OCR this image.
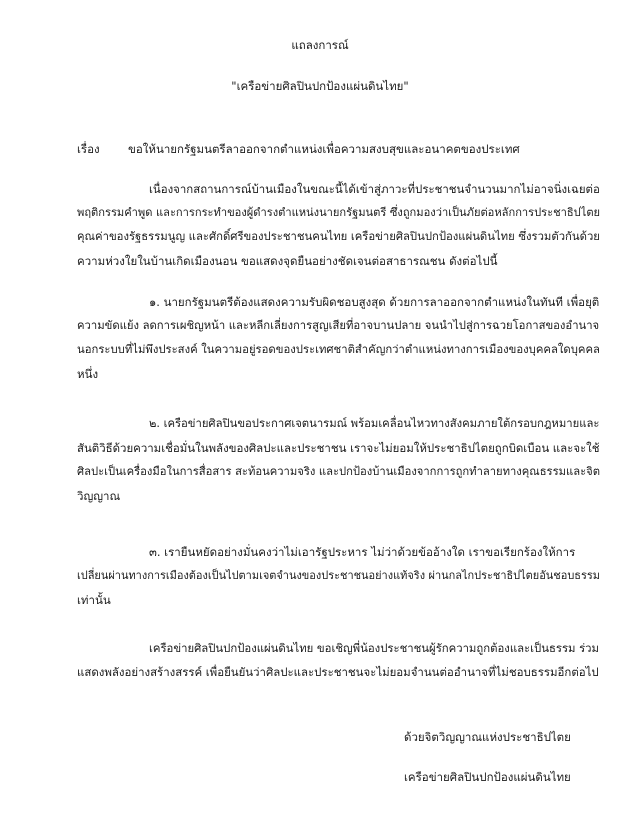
แถลงการณ์
"เครือข่ายศิลปินปกป้องแผ่นดินไทย"
เรื่อง ขอให้นายกรัฐมนตรีลาออกจากตำแหน่งเพื่อความสงบสุขและอนาคตของประเทศ
เนื่องจากสถานการณ์บ้านเมืองในขณะนี้ได้เข้าสู่ภาวะที่ประชาชนจำนวนมากไม่อาจนิ่งเฉยต่อ
พฤติกรรมคำพูด และการกระทำของผู้ดำรงตำแหน่งนายกรัฐมนตรี ซึ่งถูกมองว่าเป็นภัยต่อหลักการประชาธิปไตย
คุณค่าของรัฐธรรมนูญ และศักดิ์ศรีของประชาชนคนไทย เครือข่ายศิลปินปกป้องแผ่นดินไทย ซึ่งรวมตัวกันด้วย
ความห่วงใยในบ้านเกิดเมืองนอน ขอแสดงจุดยืนอย่างชัดเจนต่อสาธารณชน ดังต่อไปนี้
๑. นายกรัฐมนตรีต้องแสดงความรับผิดชอบสูงสุด ด้วยการลาออกจากตำแหน่งในทันที เพื่อยุติ
ความขัดแย้ง ลดการเผชิญหน้า และหลีกเลี่ยงการสูญเสียที่อาจบานปลาย จนนำไปสู่การฉวยโอกาสของอำนาจ
นอกระบบที่ไม่พึงประสงค์ ในความอยู่รอดของประเทศชาติสำคัญกว่าตำแหน่งทางการเมืองของบุคคลใดบุคคล
หนึ่ง
๒. เครือข่ายศิลปินขอประกาศเจตนารมณ์ พร้อมเคลื่อนไหวทางสังคมภายใต้กรอบกฎหมายและ
สันติวิธีด้วยความเชื่อมั่นในพลังของศิลปะและประชาชน เราจะไม่ยอมให้ประชาธิปไตยถูกบิดเบือน และจะใช้
ศิลปะเป็นเครื่องมือในการสื่อสาร สะท้อนความจริง และปกป้องบ้านเมืองจากการถูกทำลายทางคุณธรรมและจิต
วิญญาณ
๓. เรายืนหยัดอย่างมั่นคงว่าไม่เอารัฐประหาร ไม่ว่าด้วยข้ออ้างใด เราขอเรียกร้องให้การ
เปลี่ยนผ่านทางการเมืองต้องเป็นไปตามเจตจำนงของประชาชนอย่างแท้จริง ผ่านกลไกประชาธิปไตยอันชอบธรรม
เท่านั้น
เครือข่ายศิลปินปกป้องแผ่นดินไทย ขอเชิญพี่น้องประชาชนผู้รักความถูกต้องและเป็นธรรม ร่วม
แสดงพลังอย่างสร้างสรรค์ เพื่อยืนยันว่าศิลปะและประชาชนจะไม่ยอมจำนนต่ออำนาจที่ไม่ชอบธรรมอีกต่อไป
ด้วยจิตวิญญาณแห่งประชาธิปไตย
เครือข่ายศิลปินปกป้องแผ่นดินไทย
